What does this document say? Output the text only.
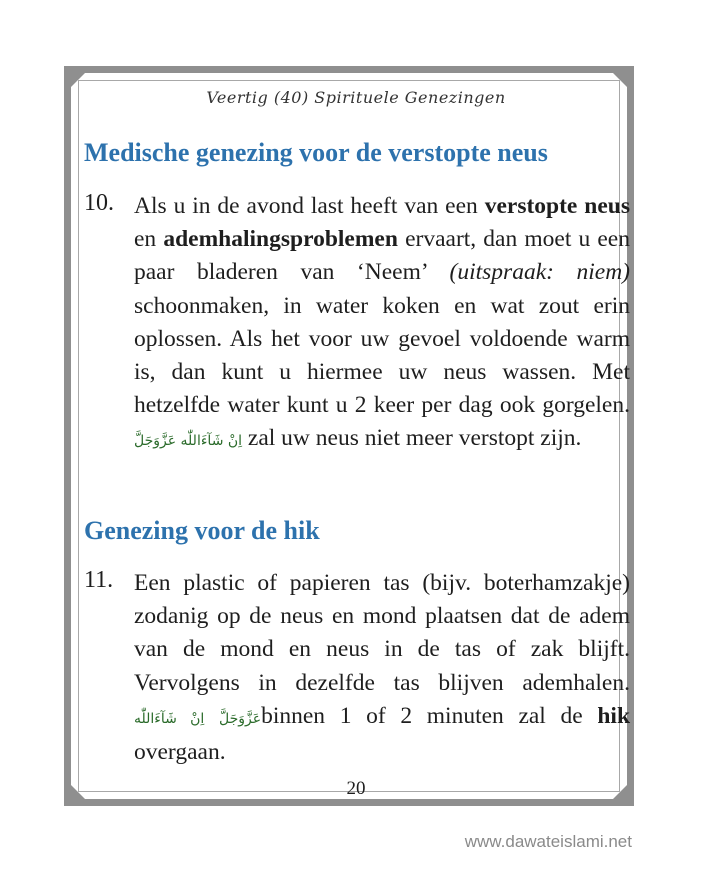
Veertig (40) Spirituele Genezingen
Medische genezing voor de verstopte neus
10. Als u in de avond last heeft van een verstopte neus en ademhalingsproblemen ervaart, dan moet u een paar bladeren van ‘Neem’ (uitspraak: niem) schoonmaken, in water koken en wat zout erin oplossen. Als het voor uw gevoel voldoende warm is, dan kunt u hiermee uw neus wassen. Met hetzelfde water kunt u 2 keer per dag ook gorgelen. اِنْ شَآءَاللّٰه عَزَّوَجَلَّ zal uw neus niet meer verstopt zijn.
Genezing voor de hik
11. Een plastic of papieren tas (bijv. boterhamzakje) zodanig op de neus en mond plaatsen dat de adem van de mond en neus in de tas of zak blijft. Vervolgens in dezelfde tas blijven ademhalen. اِنْ شَآءَاللّٰه عَزَّوَجَلَّbinnen 1 of 2 minuten zal de hik overgaan.
20
www.dawateislami.net
